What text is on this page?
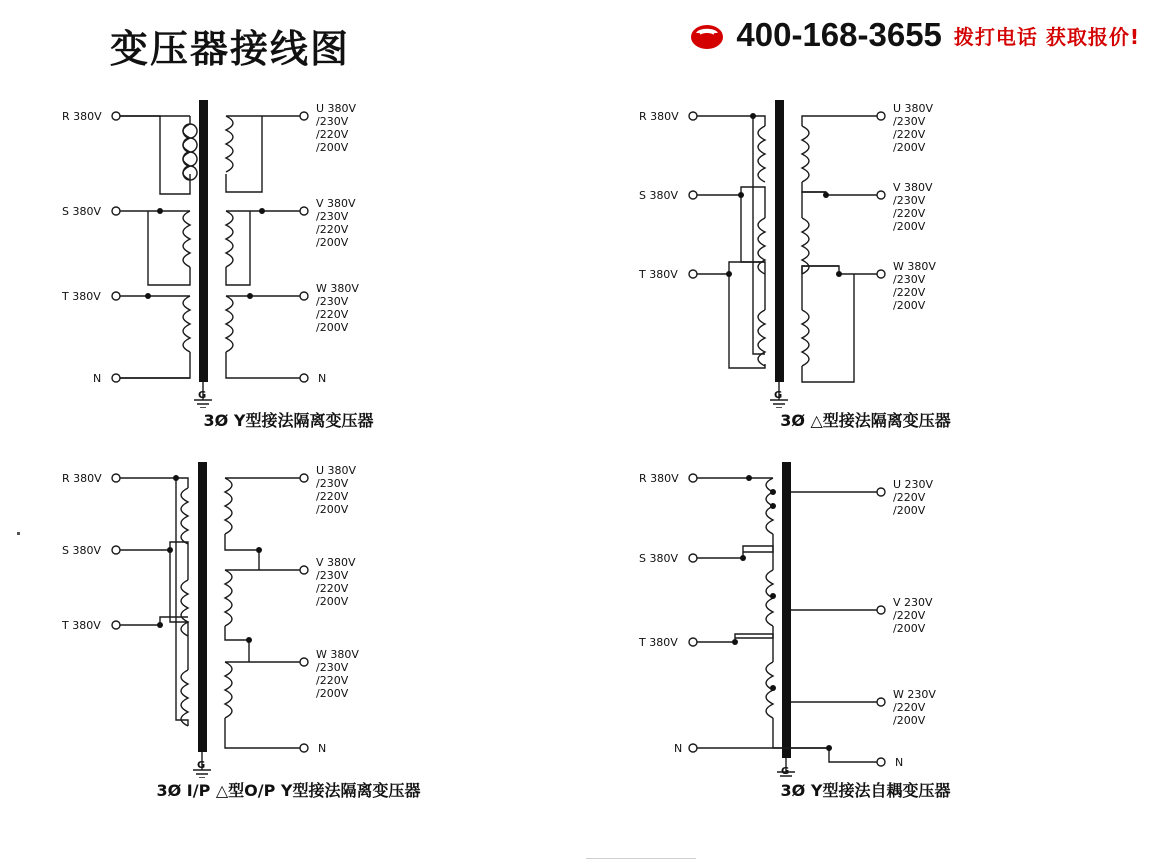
变压器接线图	400-168-3655 拨打电话 获取报价!
R 380V
S 380V
T 380V
N
U 380V
/230V
/220V
/200V
V 380V
/230V
/220V
/200V
W 380V
/230V
/220V
/200V
N
G
3Ø Y型接法隔离变压器
R 380V
S 380V
T 380V
U 380V
/230V
/220V
/200V
V 380V
/230V
/220V
/200V
W 380V
/230V
/220V
/200V
G
3Ø △型接法隔离变压器
R 380V
S 380V
T 380V
U 380V
/230V
/220V
/200V
V 380V
/230V
/220V
/200V
W 380V
/230V
/220V
/200V
N
G
3Ø I/P △型O/P Y型接法隔离变压器
R 380V
S 380V
T 380V
N
U 230V
/220V
/200V
V 230V
/220V
/200V
W 230V
/220V
/200V
N
G
3Ø Y型接法自耦变压器
